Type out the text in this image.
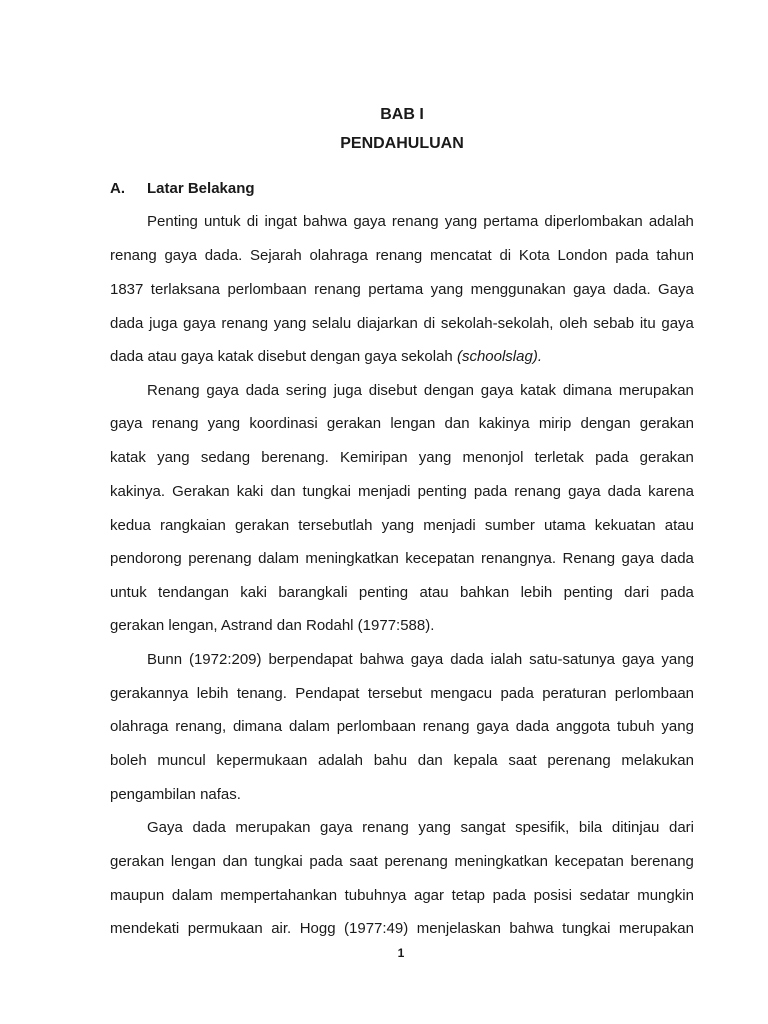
BAB I
PENDAHULUAN
A. Latar Belakang
Penting untuk di ingat bahwa gaya renang yang pertama diperlombakan adalah
renang gaya dada. Sejarah olahraga renang mencatat di Kota London pada tahun
1837 terlaksana perlombaan renang pertama yang menggunakan gaya dada. Gaya
dada juga gaya renang yang selalu diajarkan di sekolah-sekolah, oleh sebab itu gaya
dada atau gaya katak disebut dengan gaya sekolah (schoolslag).
Renang gaya dada sering juga disebut dengan gaya katak dimana merupakan
gaya renang yang koordinasi gerakan lengan dan kakinya mirip dengan gerakan
katak yang sedang berenang. Kemiripan yang menonjol terletak pada gerakan
kakinya. Gerakan kaki dan tungkai menjadi penting pada renang gaya dada karena
kedua rangkaian gerakan tersebutlah yang menjadi sumber utama kekuatan atau
pendorong perenang dalam meningkatkan kecepatan renangnya. Renang gaya dada
untuk tendangan kaki barangkali penting atau bahkan lebih penting dari pada
gerakan lengan, Astrand dan Rodahl (1977:588).
Bunn (1972:209) berpendapat bahwa gaya dada ialah satu-satunya gaya yang
gerakannya lebih tenang. Pendapat tersebut mengacu pada peraturan perlombaan
olahraga renang, dimana dalam perlombaan renang gaya dada anggota tubuh yang
boleh muncul kepermukaan adalah bahu dan kepala saat perenang melakukan
pengambilan nafas.
Gaya dada merupakan gaya renang yang sangat spesifik, bila ditinjau dari
gerakan lengan dan tungkai pada saat perenang meningkatkan kecepatan berenang
maupun dalam mempertahankan tubuhnya agar tetap pada posisi sedatar mungkin
mendekati permukaan air. Hogg (1977:49) menjelaskan bahwa tungkai merupakan
1
